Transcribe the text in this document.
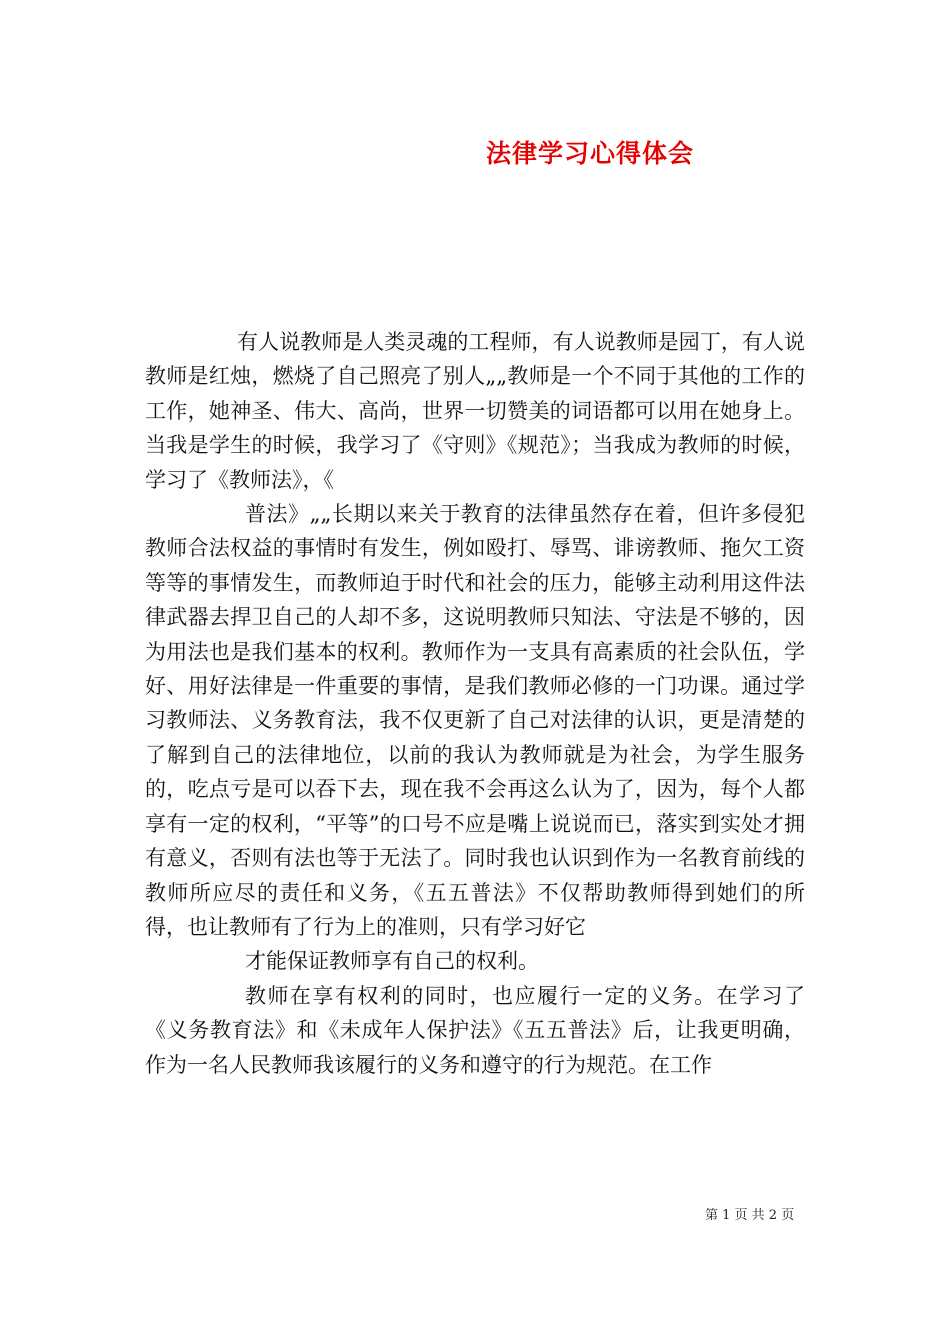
法律学习心得体会

有人说教师是人类灵魂的工程师，有人说教师是园丁，有人说教师是红烛，燃烧了自己照亮了别人„„教师是一个不同于其他的工作的工作，她神圣、伟大、高尚，世界一切赞美的词语都可以用在她身上。当我是学生的时候，我学习了《守则》《规范》；当我成为教师的时候，学习了《教师法》，《

普法》„„长期以来关于教育的法律虽然存在着，但许多侵犯教师合法权益的事情时有发生，例如殴打、辱骂、诽谤教师、拖欠工资等等的事情发生，而教师迫于时代和社会的压力，能够主动利用这件法律武器去捍卫自己的人却不多，这说明教师只知法、守法是不够的，因为用法也是我们基本的权利。教师作为一支具有高素质的社会队伍，学好、用好法律是一件重要的事情，是我们教师必修的一门功课。通过学习教师法、义务教育法，我不仅更新了自己对法律的认识，更是清楚的了解到自己的法律地位，以前的我认为教师就是为社会，为学生服务的，吃点亏是可以吞下去，现在我不会再这么认为了，因为，每个人都享有一定的权利，“平等”的口号不应是嘴上说说而已，落实到实处才拥有意义，否则有法也等于无法了。同时我也认识到作为一名教育前线的教师所应尽的责任和义务，《五五普法》不仅帮助教师得到她们的所得，也让教师有了行为上的准则，只有学习好它

才能保证教师享有自己的权利。

教师在享有权利的同时，也应履行一定的义务。在学习了《义务教育法》和《未成年人保护法》《五五普法》后，让我更明确，作为一名人民教师我该履行的义务和遵守的行为规范。在工作

第 1 页 共 2 页
